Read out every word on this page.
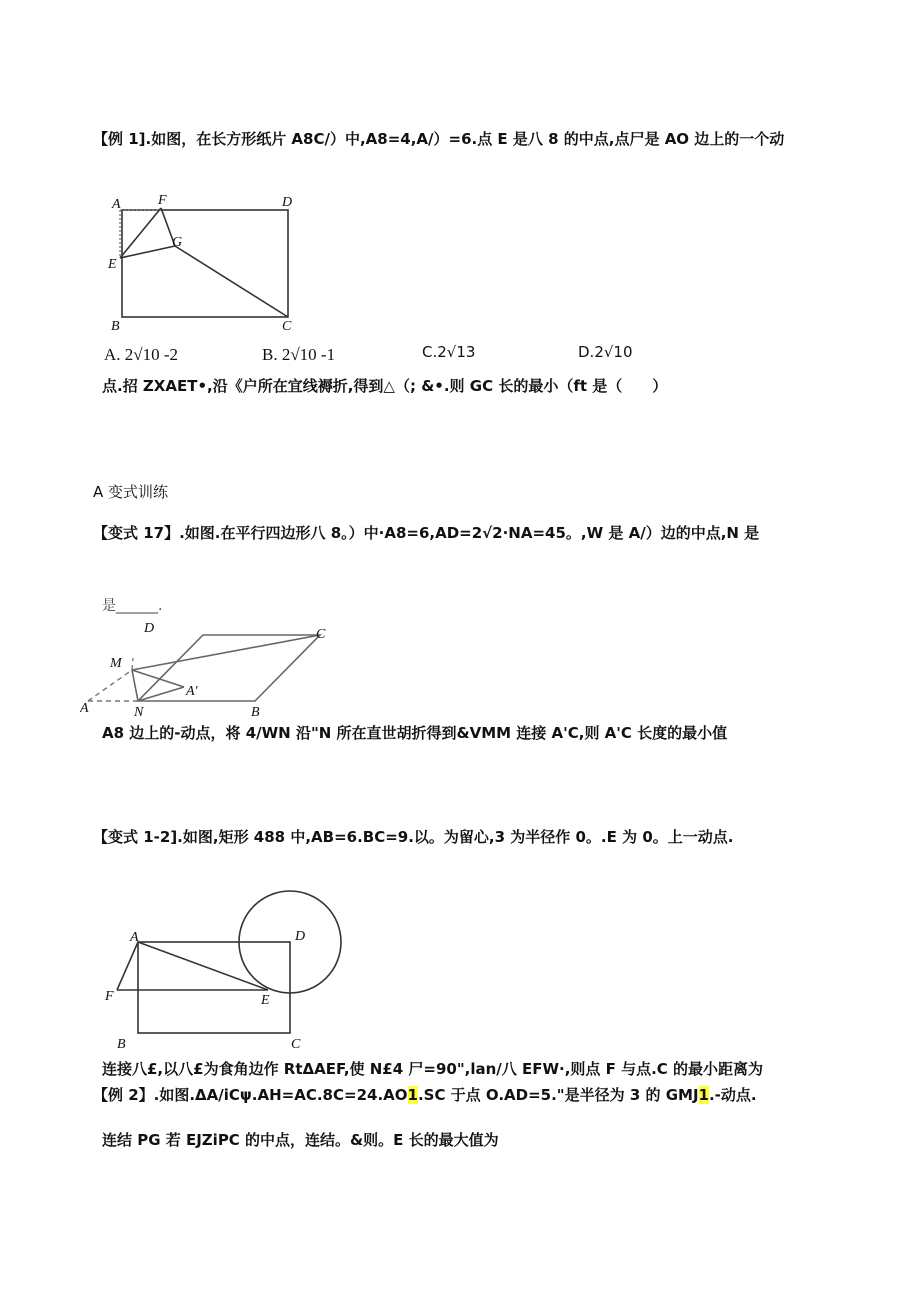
【例 1].如图，在长方形纸片 A8C/）中,A8=4,A/）=6.点 E 是八 8 的中点,点尸是 AO 边上的一个动
A	F	D
G
E
B	C
A. 2√10 -2	B. 2√10 -1	C.2√13	D.2√10
点.招 ZXAET•,沿《户所在宜线褥折,得到△（; &•.则 GC 长的最小（ft 是（　　）
A 变式训练
【变式 17】.如图.在平行四边形八 8。）中·A8=6,AD=2√2·NA=45。,W 是 A/）边的中点,N 是
是______.
D	C
M
A'
A	N	B
A8 边上的-动点，将 4/WN 沿"N 所在直世胡折得到&VMM 连接 A'C,则 A'C 长度的最小值
【变式 1-2].如图,矩形 488 中,AB=6.BC=9.以。为留心,3 为半径作 0。.E 为 0。上一动点.
A	D
F	E
B	C
连接八£,以八£为食角边作 RtΔAEF,使 N£4 尸=90",lan/八 EFW·,则点 F 与点.C 的最小距离为
【例 2】.如图.ΔA/iCψ.AH=AC.8C=24.AO1.SC 于点 O.AD=5."是半径为 3 的 GMJ1.-动点.
连结 PG 若 EJZiPC 的中点，连结。&则。E 长的最大值为
